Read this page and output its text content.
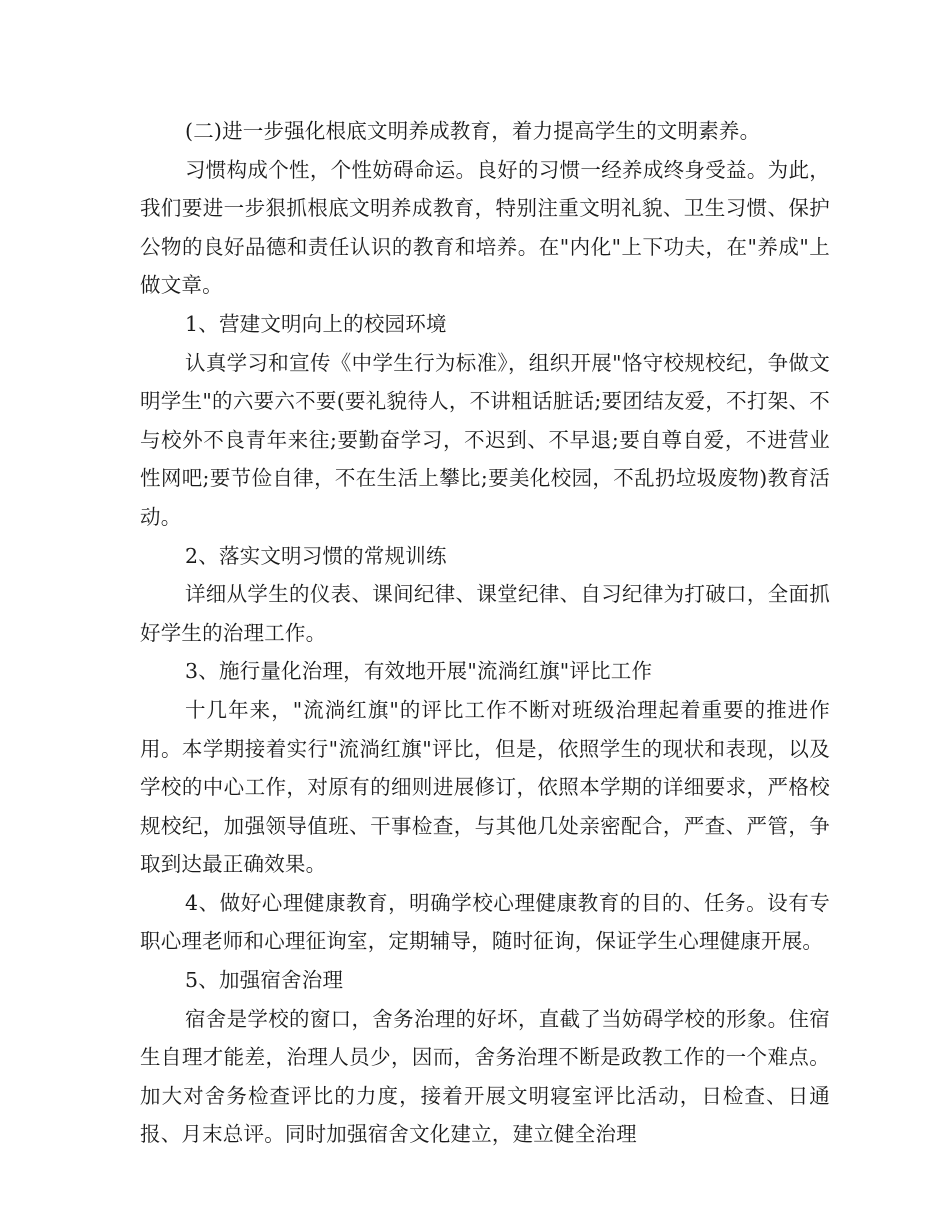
(二)进一步强化根底文明养成教育，着力提高学生的文明素养。

习惯构成个性，个性妨碍命运。良好的习惯一经养成终身受益。为此，我们要进一步狠抓根底文明养成教育，特别注重文明礼貌、卫生习惯、保护公物的良好品德和责任认识的教育和培养。在"内化"上下功夫，在"养成"上做文章。

1、营建文明向上的校园环境

认真学习和宣传《中学生行为标准》，组织开展"恪守校规校纪，争做文明学生"的六要六不要(要礼貌待人，不讲粗话脏话;要团结友爱，不打架、不与校外不良青年来往;要勤奋学习，不迟到、不早退;要自尊自爱，不进营业性网吧;要节俭自律，不在生活上攀比;要美化校园，不乱扔垃圾废物)教育活动。

2、落实文明习惯的常规训练

详细从学生的仪表、课间纪律、课堂纪律、自习纪律为打破口，全面抓好学生的治理工作。

3、施行量化治理，有效地开展"流淌红旗"评比工作

十几年来，"流淌红旗"的评比工作不断对班级治理起着重要的推进作用。本学期接着实行"流淌红旗"评比，但是，依照学生的现状和表现，以及学校的中心工作，对原有的细则进展修订，依照本学期的详细要求，严格校规校纪，加强领导值班、干事检查，与其他几处亲密配合，严查、严管，争取到达最正确效果。

4、做好心理健康教育，明确学校心理健康教育的目的、任务。设有专职心理老师和心理征询室，定期辅导，随时征询，保证学生心理健康开展。

5、加强宿舍治理

宿舍是学校的窗口，舍务治理的好坏，直截了当妨碍学校的形象。住宿生自理才能差，治理人员少，因而，舍务治理不断是政教工作的一个难点。加大对舍务检查评比的力度，接着开展文明寝室评比活动，日检查、日通报、月末总评。同时加强宿舍文化建立，建立健全治理
